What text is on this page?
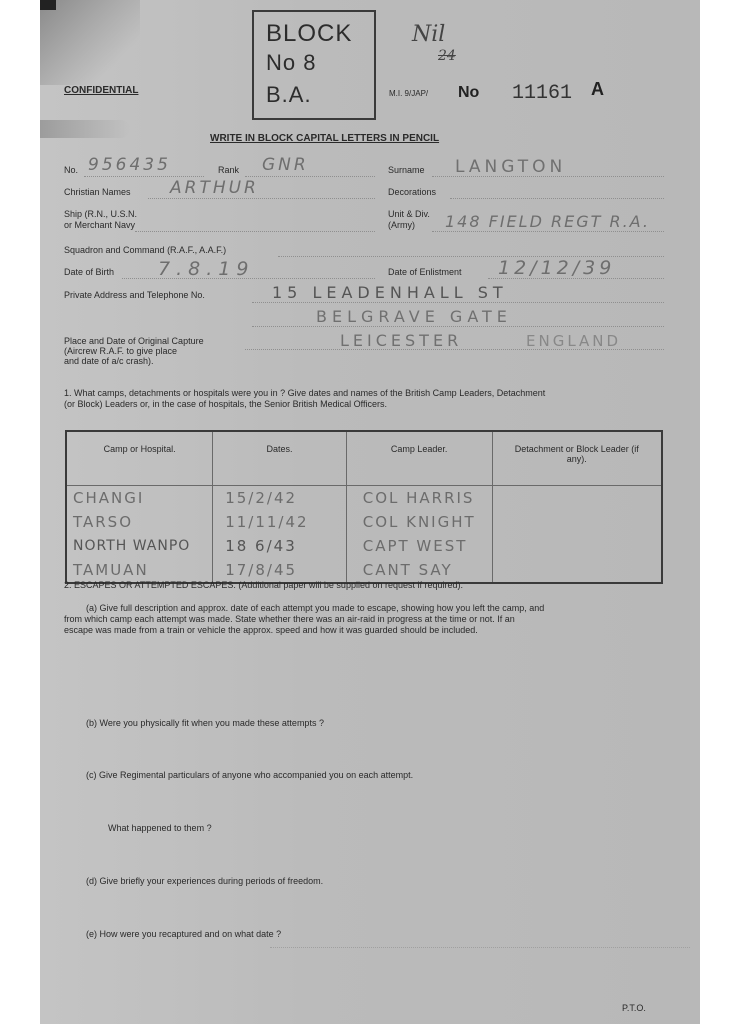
CONFIDENTIAL
BLOCK
No 8
B.A.
Nil
24
M.I. 9/JAP/ No 11161 A
WRITE IN BLOCK CAPITAL LETTERS IN PENCIL
No. 956435	Rank GNR	Surname LANGTON
Christian Names ARTHUR	Decorations
Ship (R.N., U.S.N.
or Merchant Navy
Unit & Div.
(Army) 148 FIELD REGT R.A.
Squadron and Command (R.A.F., A.A.F.)
Date of Birth 7.8.19	Date of Enlistment 12/12/39
Private Address and Telephone No.	15 LEADENHALL ST
BELGRAVE GATE
Place and Date of Original Capture
(Aircrew R.A.F. to give place
and date of a/c crash).
LEICESTER	ENGLAND
1. What camps, detachments or hospitals were you in ? Give dates and names of the British Camp Leaders, Detachment
(or Block) Leaders or, in the case of hospitals, the Senior British Medical Officers.
Camp or Hospital.	Dates.	Camp Leader.	Detachment or Block Leader (if any).
CHANGI	15/2/42	COL HARRIS	
TARSO	11/11/42	COL KNIGHT	
NORTH WANPO	18 6/43	CAPT WEST	
TAMUAN	17/8/45	CANT SAY	
2. ESCAPES OR ATTEMPTED ESCAPES. (Additional paper will be supplied on request if required).
(a) Give full description and approx. date of each attempt you made to escape, showing how you left the camp, and
from which camp each attempt was made. State whether there was an air-raid in progress at the time or not. If an
escape was made from a train or vehicle the approx. speed and how it was guarded should be included.
(b) Were you physically fit when you made these attempts ?
(c) Give Regimental particulars of anyone who accompanied you on each attempt.
What happened to them ?
(d) Give briefly your experiences during periods of freedom.
(e) How were you recaptured and on what date ?
P.T.O.
